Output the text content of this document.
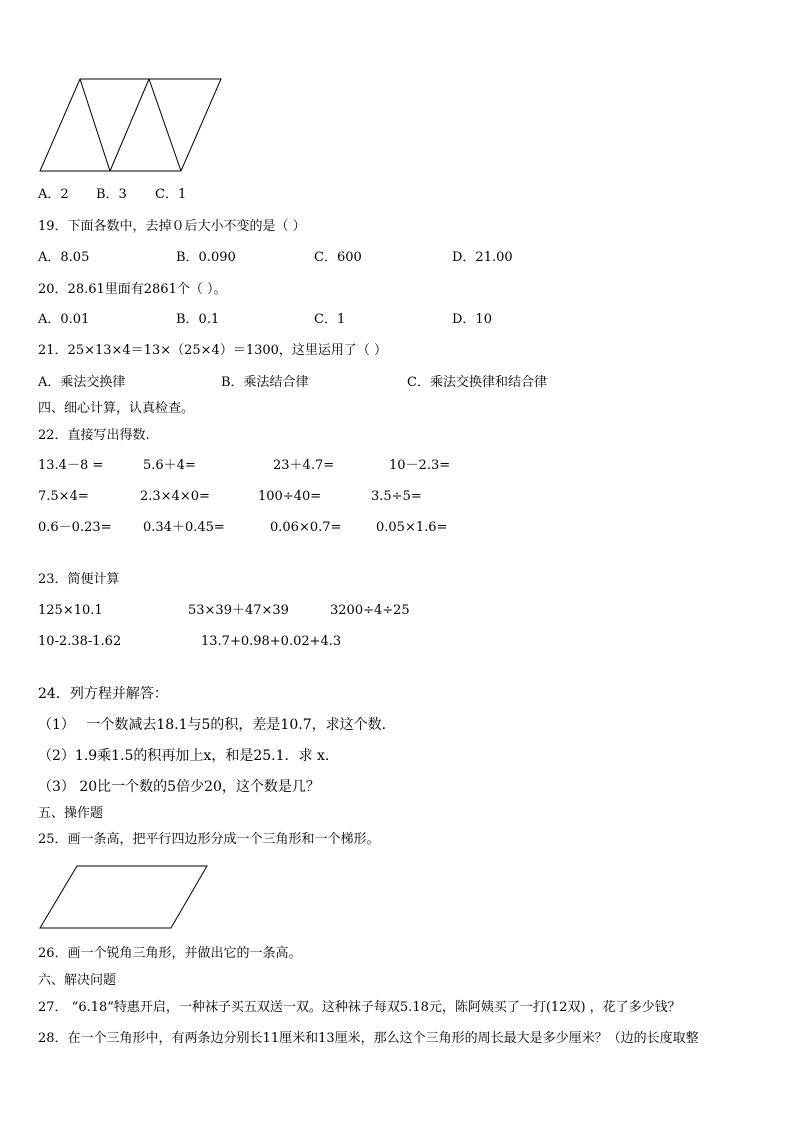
A．2 B．3 C．1
19．下面各数中，去掉０后大小不变的是（ ）
A．8.05	B．0.090	C．600	D．21.00
20．28.61里面有2861个（ ）。
A．0.01	B．0.1	C．1	D．10
21．25×13×4＝13×（25×4）＝1300，这里运用了（ ）
A．乘法交换律	B．乘法结合律	C．乘法交换律和结合律
四、细心计算，认真检查。
22．直接写出得数.
13.4－8 =	5.6＋4=	23＋4.7=	10－2.3=
7.5×4=	2.3×4×0=	100÷40=	3.5÷5=
0.6－0.23= 0.34＋0.45=	0.06×0.7=	0.05×1.6=
23．简便计算
125×10.1	53×39＋47×39	3200÷4÷25
10-2.38-1.62	13.7+0.98+0.02+4.3
24．列方程并解答：
（1）　 一个数减去18.1与5的积，差是10.7，求这个数.
（2）1.9乘1.5的积再加上x，和是25.1．求 x.
（3） 20比一个数的5倍少20，这个数是几？
五、操作题
25．画一条高，把平行四边形分成一个三角形和一个梯形。
26．画一个锐角三角形，并做出它的一条高。
六、解决问题
27． “6.18”特惠开启，一种袜子买五双送一双。这种袜子每双5.18元，陈阿姨买了一打(12双) ，花了多少钱？
28．在一个三角形中，有两条边分别长11厘米和13厘米，那么这个三角形的周长最大是多少厘米？（边的长度取整
